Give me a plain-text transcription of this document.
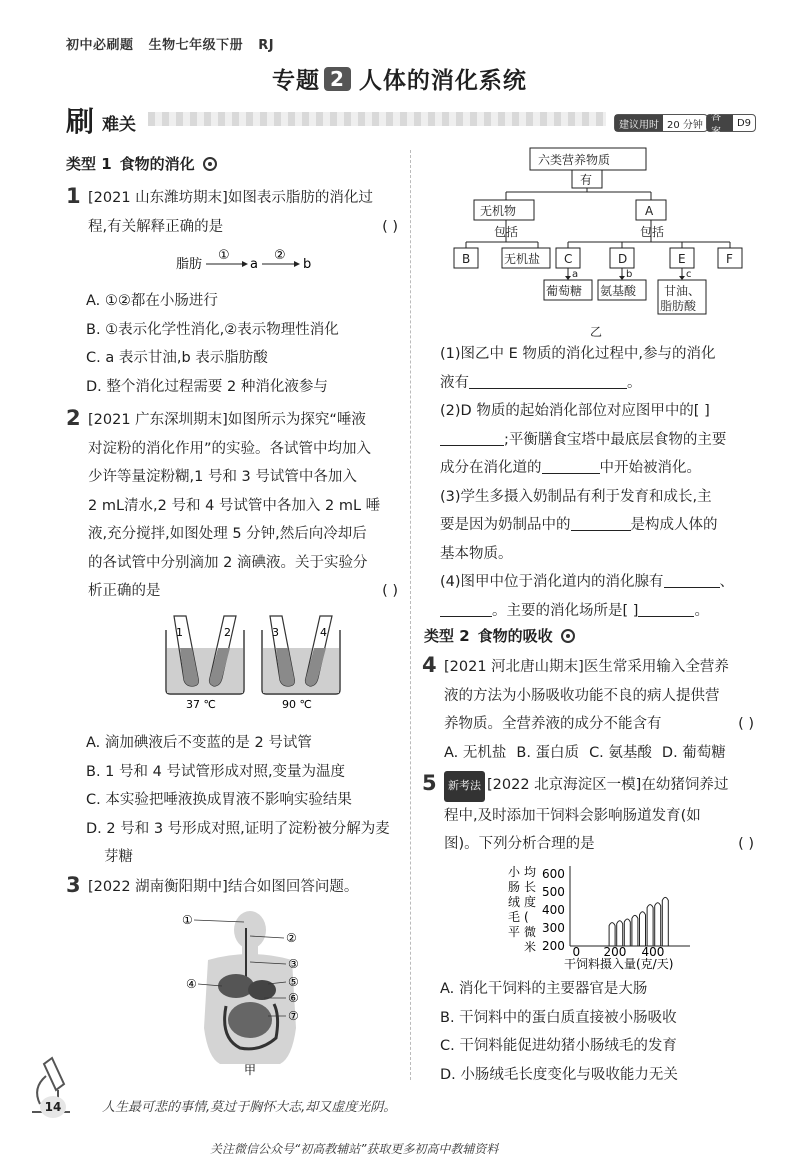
初中必刷题 生物七年级下册 RJ
专题 2 人体的消化系统
刷 难关	建议用时 20 分钟
答案
D9
类型 1 食物的消化
1 [2021 山东潍坊期末]如图表示脂肪的消化过
程,有关解释正确的是	( )
脂肪
①
a
②
b
A. ①②都在小肠进行
B. ①表示化学性消化,②表示物理性消化
C. a 表示甘油,b 表示脂肪酸
D. 整个消化过程需要 2 种消化液参与
2 [2021 广东深圳期末]如图所示为探究“唾液
对淀粉的消化作用”的实验。各试管中均加入
少许等量淀粉糊,1 号和 3 号试管中各加入
2 mL清水,2 号和 4 号试管中各加入 2 mL 唾
液,充分搅拌,如图处理 5 分钟,然后向冷却后
的各试管中分别滴加 2 滴碘液。关于实验分
析正确的是	( )
1	2	3	4
37 ℃	90 ℃
A. 滴加碘液后不变蓝的是 2 号试管
B. 1 号和 4 号试管形成对照,变量为温度
C. 本实验把唾液换成胃液不影响实验结果
D. 2 号和 3 号形成对照,证明了淀粉被分解为麦
芽糖
3 [2022 湖南衡阳期中]结合如图回答问题。
①
②
③
④	⑤
⑥
⑦
甲
六类营养物质
有
无机物	A
包括	包括
B	无机盐 C	D	E	F
a	b	c
葡萄糖 氨基酸 甘油、
脂肪酸
乙
(1)图乙中 E 物质的消化过程中,参与的消化
液有	。
(2)D 物质的起始消化部位对应图甲中的[ ]
;平衡膳食宝塔中最底层食物的主要
成分在消化道的	中开始被消化。
(3)学生多摄入奶制品有利于发育和成长,主
要是因为奶制品中的	是构成人体的
基本物质。
(4)图甲中位于消化道内的消化腺有	、
。主要的消化场所是[ ]	。
类型 2 食物的吸收
4 [2021 河北唐山期末]医生常采用输入全营养
液的方法为小肠吸收功能不良的病人提供营
养物质。全营养液的成分不能含有	( )
A. 无机盐 B. 蛋白质 C. 氨基酸 D. 葡萄糖
5	新考法 [2022 北京海淀区一模]在幼猪饲养过
程中,及时添加干饲料会影响肠道发育(如
图)。下列分析合理的是	( )
小
肠
绒
毛
平
均
长
度
(
微
米 200
300
400
500
600
0 200 400
干饲料摄入量(克/天)
A. 消化干饲料的主要器官是大肠
B. 干饲料中的蛋白质直接被小肠吸收
C. 干饲料能促进幼猪小肠绒毛的发育
D. 小肠绒毛长度变化与吸收能力无关
14	人生最可悲的事情,莫过于胸怀大志,却又虚度光阴。
关注微信公众号“初高教辅站”获取更多初高中教辅资料
